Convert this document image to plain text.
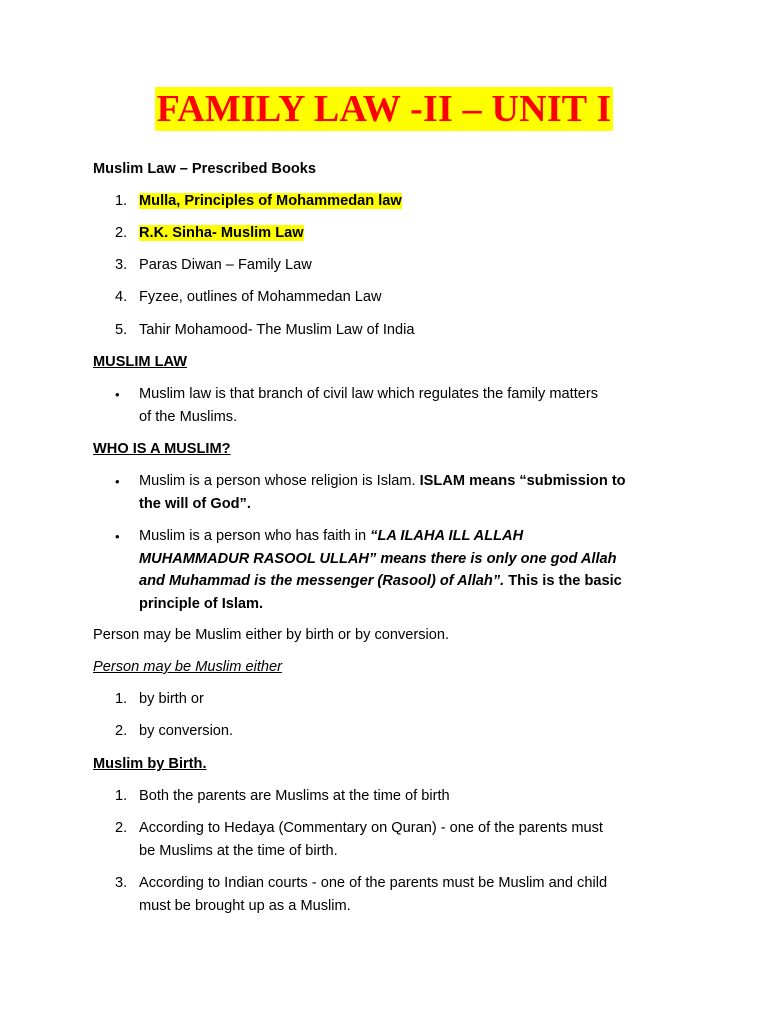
FAMILY LAW -II – UNIT I
Muslim Law – Prescribed Books
1. Mulla, Principles of Mohammedan law
2. R.K. Sinha- Muslim Law
3. Paras Diwan – Family Law
4. Fyzee, outlines of Mohammedan Law
5. Tahir Mohamood- The Muslim Law of India
MUSLIM LAW
• Muslim law is that branch of civil law which regulates the family matters
of the Muslims.
WHO IS A MUSLIM?
• Muslim is a person whose religion is Islam. ISLAM means “submission to
the will of God”.
• Muslim is a person who has faith in “LA ILAHA ILL ALLAH
MUHAMMADUR RASOOL ULLAH” means there is only one god Allah
and Muhammad is the messenger (Rasool) of Allah”. This is the basic
principle of Islam.
Person may be Muslim either by birth or by conversion.
Person may be Muslim either
1. by birth or
2. by conversion.
Muslim by Birth.
1. Both the parents are Muslims at the time of birth
2. According to Hedaya (Commentary on Quran) - one of the parents must
be Muslims at the time of birth.
3. According to Indian courts - one of the parents must be Muslim and child
must be brought up as a Muslim.
